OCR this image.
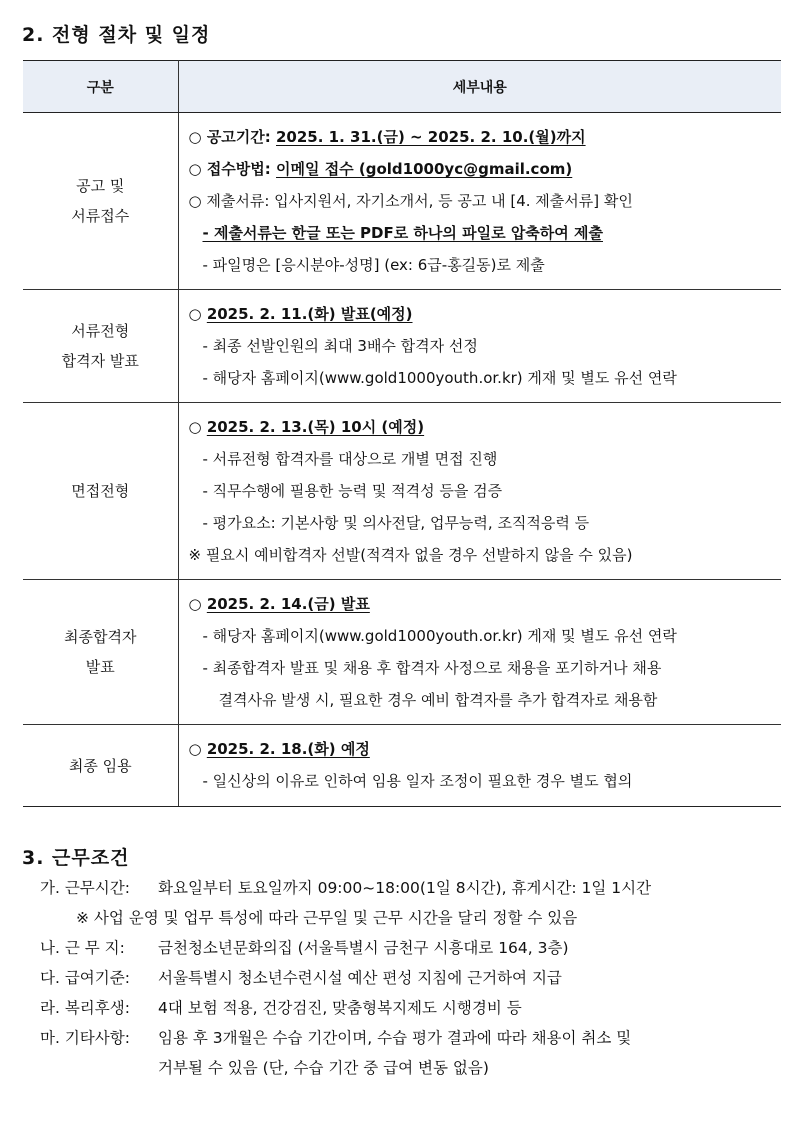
2. 전형 절차 및 일정
구분	세부내용
공고 및
서류접수	○ 공고기간: 2025. 1. 31.(금) ~ 2025. 2. 10.(월)까지
○ 접수방법: 이메일 접수 (gold1000yc@gmail.com)
○ 제출서류: 입사지원서, 자기소개서, 등 공고 내 [4. 제출서류] 확인
- 제출서류는 한글 또는 PDF로 하나의 파일로 압축하여 제출
- 파일명은 [응시분야-성명] (ex: 6급-홍길동)로 제출

서류전형
합격자 발표	○ 2025. 2. 11.(화) 발표(예정)
- 최종 선발인원의 최대 3배수 합격자 선정
- 해당자 홈페이지(www.gold1000youth.or.kr) 게재 및 별도 유선 연락

면접전형	○ 2025. 2. 13.(목) 10시 (예정)
- 서류전형 합격자를 대상으로 개별 면접 진행
- 직무수행에 필용한 능력 및 적격성 등을 검증
- 평가요소: 기본사항 및 의사전달, 업무능력, 조직적응력 등
※ 필요시 예비합격자 선발(적격자 없을 경우 선발하지 않을 수 있음)

최종합격자
발표	○ 2025. 2. 14.(금) 발표
- 해당자 홈페이지(www.gold1000youth.or.kr) 게재 및 별도 유선 연락
- 최종합격자 발표 및 채용 후 합격자 사정으로 채용을 포기하거나 채용
결격사유 발생 시, 필요한 경우 예비 합격자를 추가 합격자로 채용함

최종 임용	○ 2025. 2. 18.(화) 예정
- 일신상의 이유로 인하여 임용 일자 조정이 필요한 경우 별도 협의
3. 근무조건
가. 근무시간:	화요일부터 토요일까지 09:00~18:00(1일 8시간), 휴게시간: 1일 1시간
※ 사업 운영 및 업무 특성에 따라 근무일 및 근무 시간을 달리 정할 수 있음
나. 근 무 지:	금천청소년문화의집 (서울특별시 금천구 시흥대로 164, 3층)
다. 급여기준:	서울특별시 청소년수련시설 예산 편성 지침에 근거하여 지급
라. 복리후생:	4대 보험 적용, 건강검진, 맞춤형복지제도 시행경비 등
마. 기타사항:	임용 후 3개월은 수습 기간이며, 수습 평가 결과에 따라 채용이 취소 및
거부될 수 있음 (단, 수습 기간 중 급여 변동 없음)
